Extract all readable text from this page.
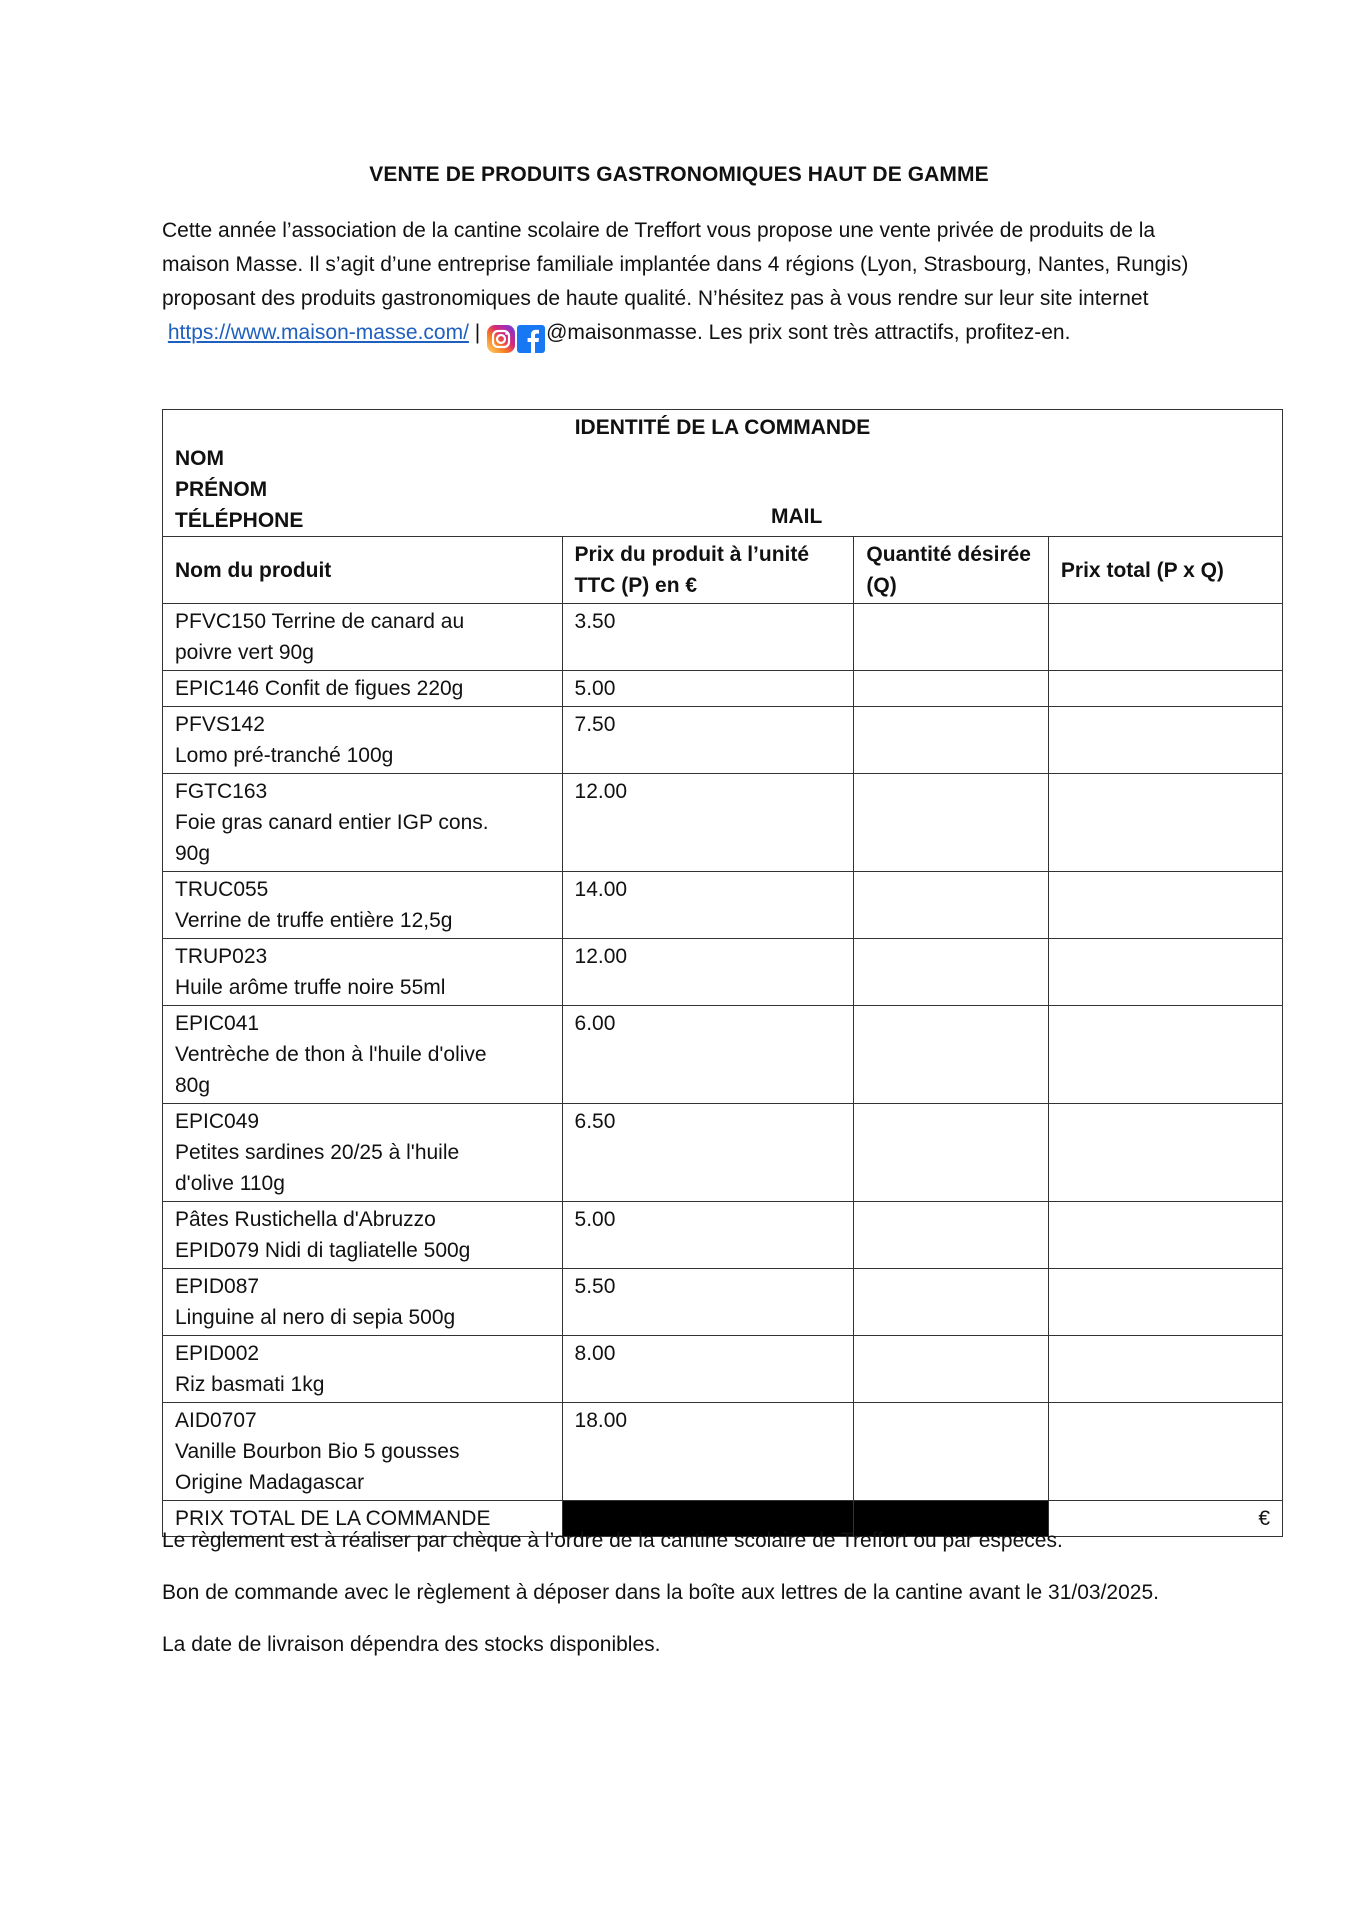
VENTE DE PRODUITS GASTRONOMIQUES HAUT DE GAMME

Cette année l’association de la cantine scolaire de Treffort vous propose une vente privée de produits de la maison Masse. Il s’agit d’une entreprise familiale implantée dans 4 régions (Lyon, Strasbourg, Nantes, Rungis) proposant des produits gastronomiques de haute qualité. N’hésitez pas à vous rendre sur leur site internet  https://www.maison-masse.com/ |	@maisonmasse. Les prix sont très attractifs, profitez-en.

IDENTITÉ DE LA COMMANDE
NOM
PRÉNOM
TÉLÉPHONE MAIL			

Nom du produit	Prix du produit à l’unité TTC (P) en €	Quantité désirée (Q)	Prix total (P x Q)

PFVC150 Terrine de canard au
poivre vert 90g	3.50		

EPIC146 Confit de figues 220g	5.00		

PFVS142
Lomo pré-tranché 100g	7.50		

FGTC163
Foie gras canard entier IGP cons.
90g	12.00		

TRUC055
Verrine de truffe entière 12,5g	14.00		

TRUP023
Huile arôme truffe noire 55ml	12.00		

EPIC041
Ventrèche de thon à l'huile d'olive
80g	6.00		

EPIC049
Petites sardines 20/25 à l'huile
d'olive 110g	6.50		

Pâtes Rustichella d'Abruzzo
EPID079 Nidi di tagliatelle 500g	5.00		

EPID087
Linguine al nero di sepia 500g	5.50		

EPID002
Riz basmati 1kg	8.00		

AID0707
Vanille Bourbon Bio 5 gousses
Origine Madagascar	18.00		
PRIX TOTAL DE LA COMMANDE			€

Le règlement est à réaliser par chèque à l’ordre de la cantine scolaire de Treffort ou par espèces.

Bon de commande avec le règlement à déposer dans la boîte aux lettres de la cantine avant le 31/03/2025.

La date de livraison dépendra des stocks disponibles.
